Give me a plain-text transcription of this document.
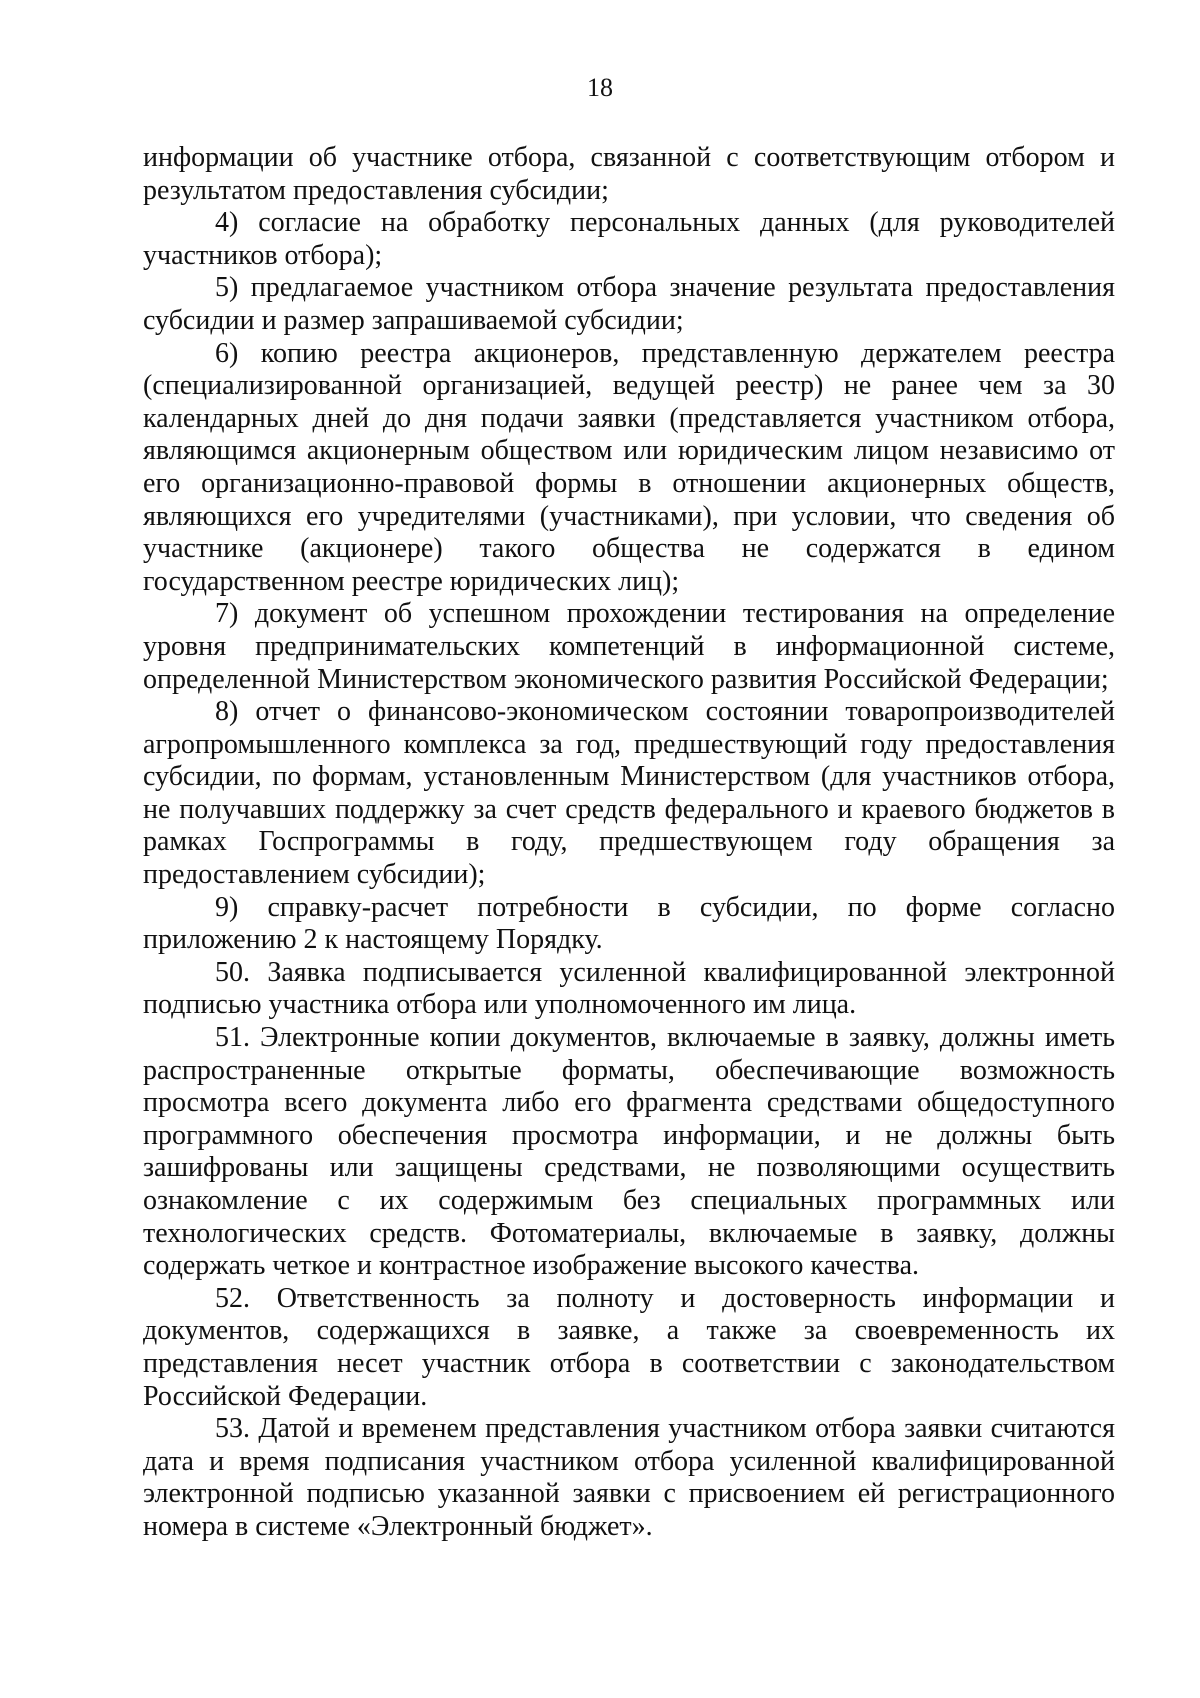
18

информации об участнике отбора, связанной с соответствующим отбором и результатом предоставления субсидии;

4) согласие на обработку персональных данных (для руководителей участников отбора);

5) предлагаемое участником отбора значение результата предоставления субсидии и размер запрашиваемой субсидии;

6) копию реестра акционеров, представленную держателем реестра (специализированной организацией, ведущей реестр) не ранее чем за 30 календарных дней до дня подачи заявки (представляется участником отбора, являющимся акционерным обществом или юридическим лицом независимо от его организационно-правовой формы в отношении акционерных обществ, являющихся его учредителями (участниками), при условии, что сведения об участнике (акционере) такого общества не содержатся в едином государственном реестре юридических лиц);

7) документ об успешном прохождении тестирования на определение уровня предпринимательских компетенций в информационной системе, определенной Министерством экономического развития Российской Федерации;

8) отчет о финансово-экономическом состоянии товаропроизводителей агропромышленного комплекса за год, предшествующий году предоставления субсидии, по формам, установленным Министерством (для участников отбора, не получавших поддержку за счет средств федерального и краевого бюджетов в рамках Госпрограммы в году, предшествующем году обращения за предоставлением субсидии);

9) справку-расчет потребности в субсидии, по форме согласно приложению 2 к настоящему Порядку.

50. Заявка подписывается усиленной квалифицированной электронной подписью участника отбора или уполномоченного им лица.

51. Электронные копии документов, включаемые в заявку, должны иметь распространенные открытые форматы, обеспечивающие возможность просмотра всего документа либо его фрагмента средствами общедоступного программного обеспечения просмотра информации, и не должны быть зашифрованы или защищены средствами, не позволяющими осуществить ознакомление с их содержимым без специальных программных или технологических средств. Фотоматериалы, включаемые в заявку, должны содержать четкое и контрастное изображение высокого качества.

52. Ответственность за полноту и достоверность информации и документов, содержащихся в заявке, а также за своевременность их представления несет участник отбора в соответствии с законодательством Российской Федерации.

53. Датой и временем представления участником отбора заявки считаются дата и время подписания участником отбора усиленной квалифицированной электронной подписью указанной заявки с присвоением ей регистрационного номера в системе «Электронный бюджет».
